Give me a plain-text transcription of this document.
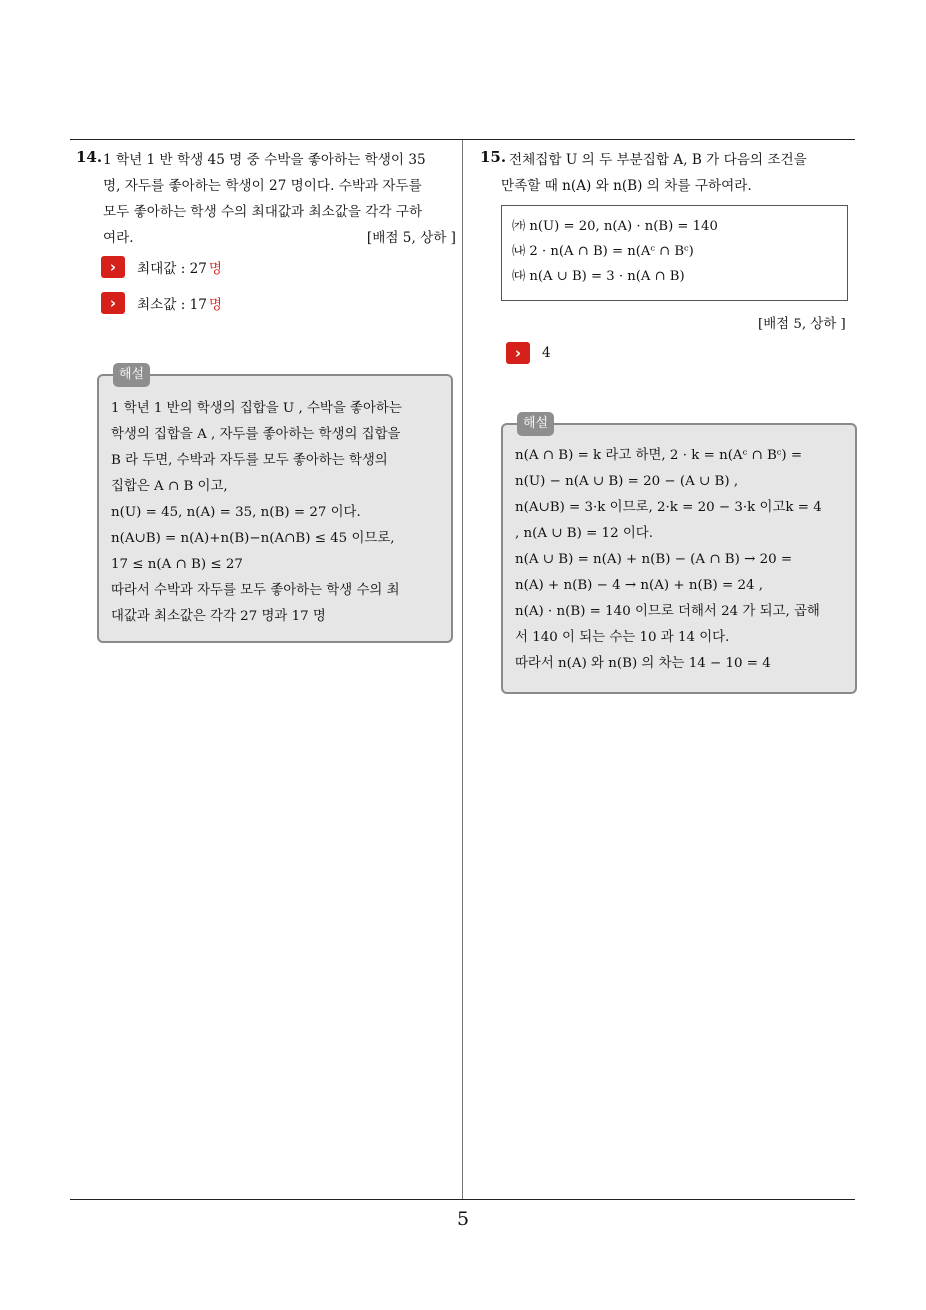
5
14. 1 학년 1 반 학생 45 명 중 수박을 좋아하는 학생이 35
명, 자두를 좋아하는 학생이 27 명이다. 수박과 자두를
모두 좋아하는 학생 수의 최대값과 최소값을 각각 구하
여라.	[배점 5, 상하 ]
›	최대값 : 27 명
›	최소값 : 17 명
해설
1 학년 1 반의 학생의 집합을 U , 수박을 좋아하는
학생의 집합을 A , 자두를 좋아하는 학생의 집합을
B 라 두면, 수박과 자두를 모두 좋아하는 학생의
집합은 A ∩ B 이고,
n(U) = 45, n(A) = 35, n(B) = 27 이다.
n(A∪B) = n(A)+n(B)−n(A∩B) ≤ 45 이므로,
17 ≤ n(A ∩ B) ≤ 27
따라서 수박과 자두를 모두 좋아하는 학생 수의 최
대값과 최소값은 각각 27 명과 17 명
15. 전체집합 U 의 두 부분집합 A, B 가 다음의 조건을
만족할 때 n(A) 와 n(B) 의 차를 구하여라.
㈎ n(U) = 20, n(A) · n(B) = 140
㈏ 2 · n(A ∩ B) = n(Aᶜ ∩ Bᶜ)
㈐ n(A ∪ B) = 3 · n(A ∩ B)
[배점 5, 상하 ]
›	4
해설
n(A ∩ B) = k 라고 하면, 2 · k = n(Aᶜ ∩ Bᶜ) =
n(U) − n(A ∪ B) = 20 − (A ∪ B) ,
n(A∪B) = 3·k 이므로, 2·k = 20 − 3·k 이고k = 4
, n(A ∪ B) = 12 이다.
n(A ∪ B) = n(A) + n(B) − (A ∩ B) → 20 =
n(A) + n(B) − 4 → n(A) + n(B) = 24 ,
n(A) · n(B) = 140 이므로 더해서 24 가 되고, 곱해
서 140 이 되는 수는 10 과 14 이다.
따라서 n(A) 와 n(B) 의 차는 14 − 10 = 4
